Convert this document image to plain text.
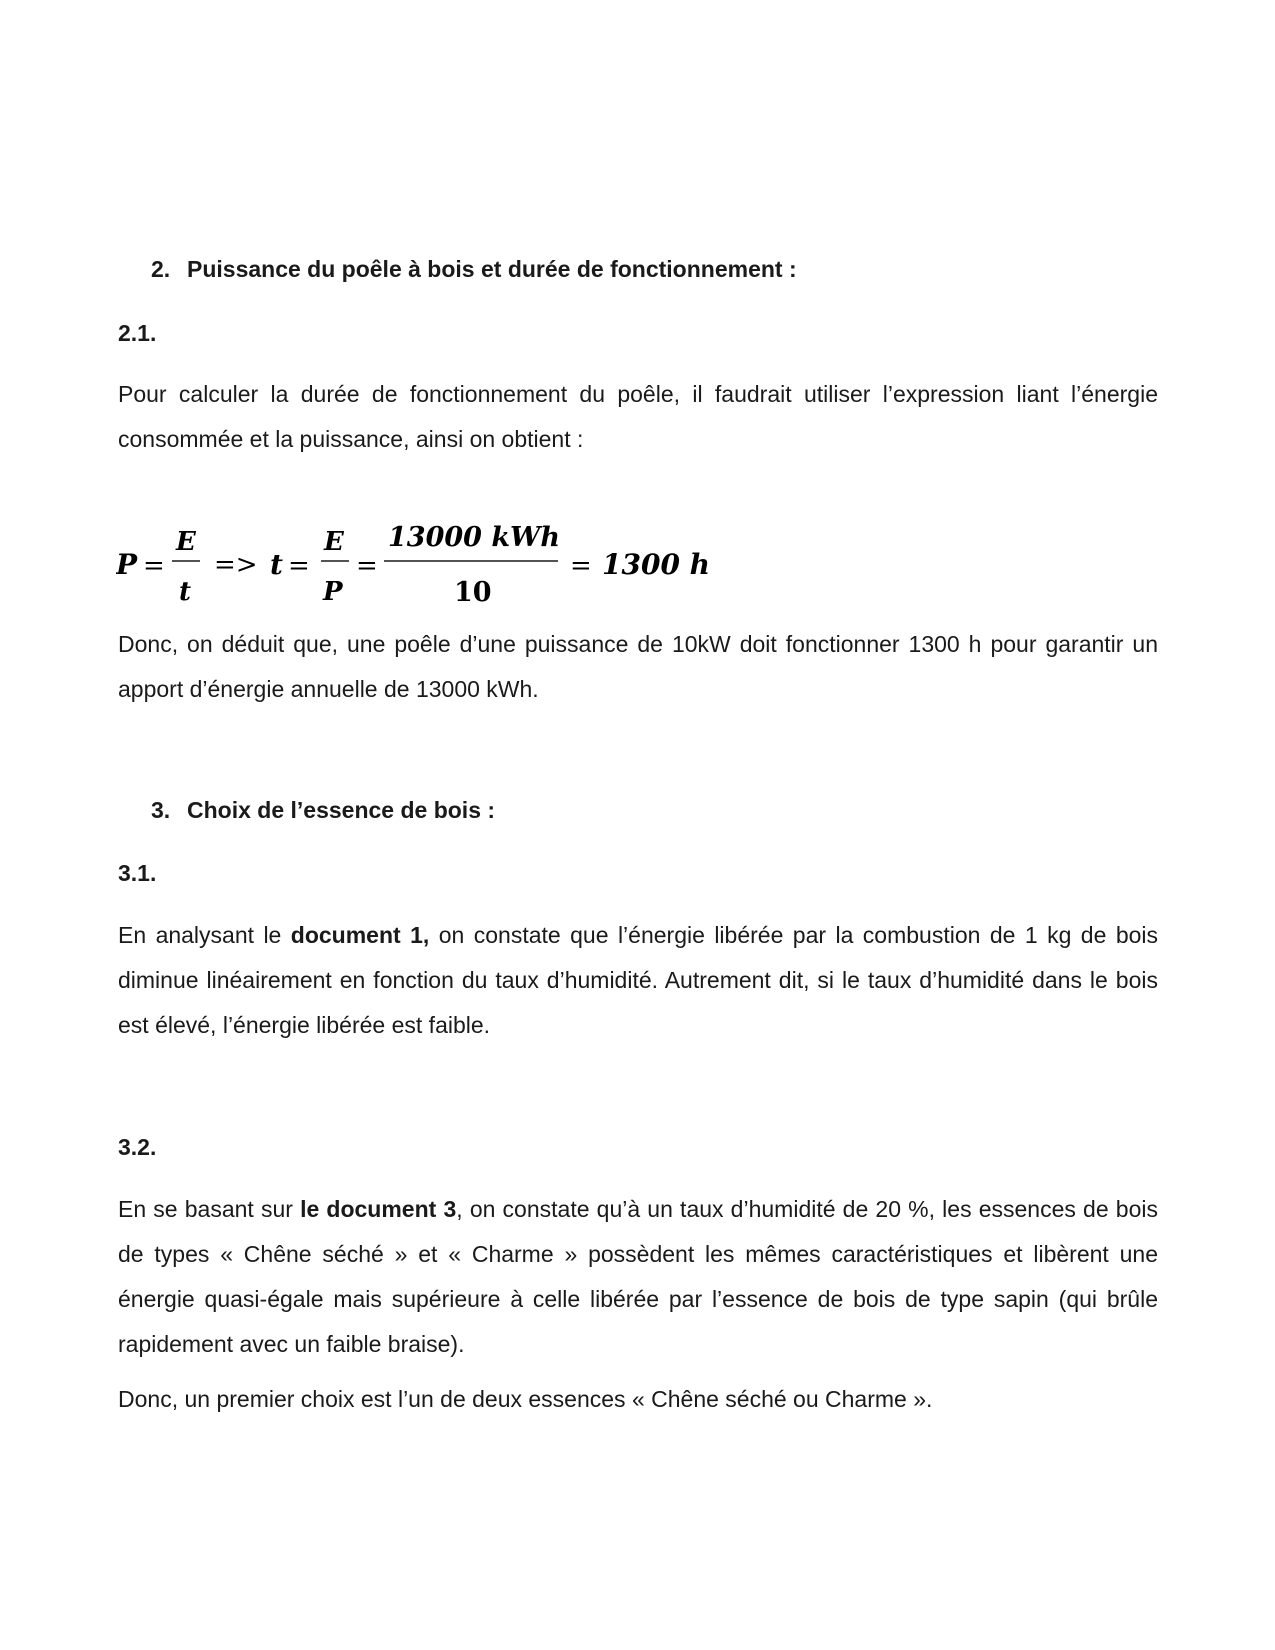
2. Puissance du poêle à bois et durée de fonctionnement :
2.1.
Pour calculer la durée de fonctionnement du poêle, il faudrait utiliser l’expression liant l’énergie consommée et la puissance, ainsi on obtient :
P =
E
t
=> t =
E
P
=
13000 kWh
10
= 1300 h
Donc, on déduit que, une poêle d’une puissance de 10kW doit fonctionner 1300 h pour garantir un apport d’énergie annuelle de 13000 kWh.
3. Choix de l’essence de bois :
3.1.
En analysant le document 1, on constate que l’énergie libérée par la combustion de 1 kg de bois diminue linéairement en fonction du taux d’humidité. Autrement dit, si le taux d’humidité dans le bois est élevé, l’énergie libérée est faible.
3.2.
En se basant sur le document 3, on constate qu’à un taux d’humidité de 20 %, les essences de bois de types « Chêne séché » et « Charme » possèdent les mêmes caractéristiques et libèrent une énergie quasi-égale mais supérieure à celle libérée par l’essence de bois de type sapin (qui brûle rapidement avec un faible braise).
Donc, un premier choix est l’un de deux essences « Chêne séché ou Charme ».
